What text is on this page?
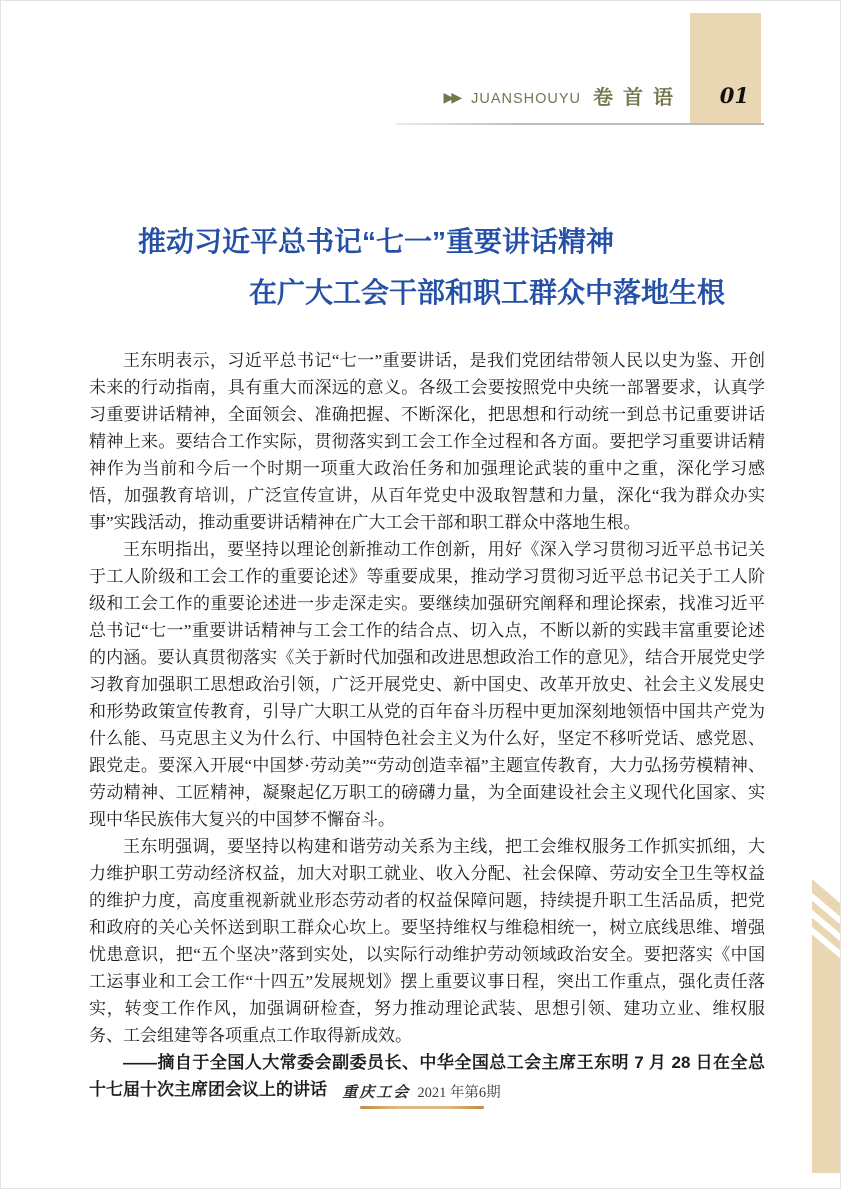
▶▶ JUANSHOUYU 卷首语 01
推动习近平总书记“七一”重要讲话精神
在广大工会干部和职工群众中落地生根

王东明表示，习近平总书记“七一”重要讲话，是我们党团结带领人民以史为鉴、开创未来的行动指南，具有重大而深远的意义。各级工会要按照党中央统一部署要求，认真学习重要讲话精神，全面领会、准确把握、不断深化，把思想和行动统一到总书记重要讲话精神上来。要结合工作实际，贯彻落实到工会工作全过程和各方面。要把学习重要讲话精神作为当前和今后一个时期一项重大政治任务和加强理论武装的重中之重，深化学习感悟，加强教育培训，广泛宣传宣讲，从百年党史中汲取智慧和力量，深化“我为群众办实事”实践活动，推动重要讲话精神在广大工会干部和职工群众中落地生根。

王东明指出，要坚持以理论创新推动工作创新，用好《深入学习贯彻习近平总书记关于工人阶级和工会工作的重要论述》等重要成果，推动学习贯彻习近平总书记关于工人阶级和工会工作的重要论述进一步走深走实。要继续加强研究阐释和理论探索，找准习近平总书记“七一”重要讲话精神与工会工作的结合点、切入点，不断以新的实践丰富重要论述的内涵。要认真贯彻落实《关于新时代加强和改进思想政治工作的意见》，结合开展党史学习教育加强职工思想政治引领，广泛开展党史、新中国史、改革开放史、社会主义发展史和形势政策宣传教育，引导广大职工从党的百年奋斗历程中更加深刻地领悟中国共产党为什么能、马克思主义为什么行、中国特色社会主义为什么好，坚定不移听党话、感党恩、跟党走。要深入开展“中国梦·劳动美”“劳动创造幸福”主题宣传教育，大力弘扬劳模精神、劳动精神、工匠精神，凝聚起亿万职工的磅礴力量，为全面建设社会主义现代化国家、实现中华民族伟大复兴的中国梦不懈奋斗。

王东明强调，要坚持以构建和谐劳动关系为主线，把工会维权服务工作抓实抓细，大力维护职工劳动经济权益，加大对职工就业、收入分配、社会保障、劳动安全卫生等权益的维护力度，高度重视新就业形态劳动者的权益保障问题，持续提升职工生活品质，把党和政府的关心关怀送到职工群众心坎上。要坚持维权与维稳相统一，树立底线思维、增强忧患意识，把“五个坚决”落到实处，以实际行动维护劳动领域政治安全。要把落实《中国工运事业和工会工作“十四五”发展规划》摆上重要议事日程，突出工作重点，强化责任落实，转变工作作风，加强调研检查，努力推动理论武装、思想引领、建功立业、维权服务、工会组建等各项重点工作取得新成效。

——摘自于全国人大常委会副委员长、中华全国总工会主席王东明 7 月 28 日在全总十七届十次主席团会议上的讲话	重庆工会 2021 年第6期
